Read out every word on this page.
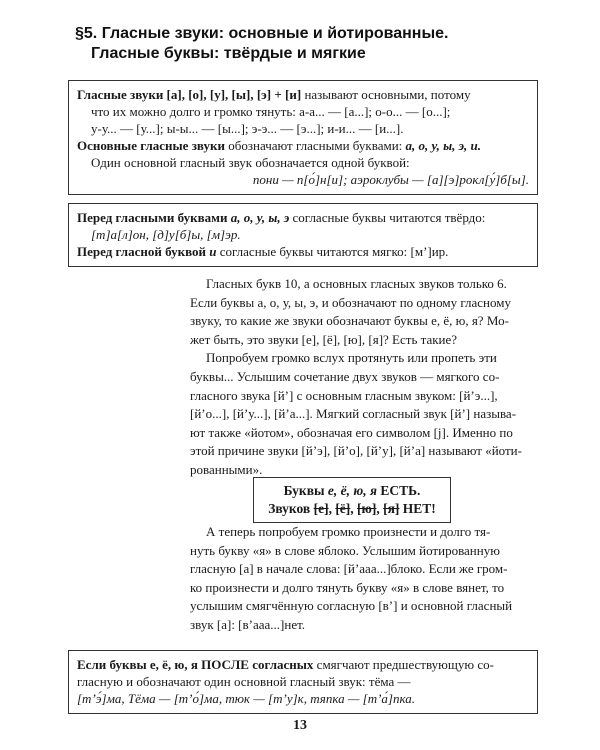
§5. Гласные звуки: основные и йотированные.
Гласные буквы: твёрдые и мягкие

Гласные звуки [а], [о], [у], [ы], [э] + [и] называют основными, потому

что их можно долго и громко тянуть: а-а... — [а...]; о-о... — [о...];

у-у... — [у...]; ы-ы... — [ы...]; э-э... — [э...]; и-и... — [и...].

Основные гласные звуки обозначают гласными буквами: а, о, у, ы, э, и.

Один основной гласный звук обозначается одной буквой:

пони — п[о́]н[и]; аэроклубы — [а][э]рокл[у́]б[ы].

Перед гласными буквами а, о, у, ы, э согласные буквы читаются твёрдо:

[т]а[л]он, [д]у[б]ы, [м]эр.

Перед гласной буквой и согласные буквы читаются мягко: [м’]ир.

Гласных букв 10, а основных гласных звуков только 6.

Если буквы а, о, у, ы, э, и обозначают по одному гласному

звуку, то какие же звуки обозначают буквы е, ё, ю, я? Мо-

жет быть, это звуки [е], [ё], [ю], [я]? Есть такие?

Попробуем громко вслух протянуть или пропеть эти

буквы... Услышим сочетание двух звуков — мягкого со-

гласного звука [й’] с основным гласным звуком: [й’э...],

[й’о...], [й’у...], [й’а...]. Мягкий согласный звук [й’] называ-

ют также «йотом», обозначая его символом [j]. Именно по

этой причине звуки [й’э], [й’о], [й’у], [й’а] называют «йоти-

рованными».

Буквы е, ё, ю, я ЕСТЬ.
Звуков [е], [ё], [ю], [я] НЕТ!

А теперь попробуем громко произнести и долго тя-

нуть букву «я» в слове яблоко. Услышим йотированную

гласную [а] в начале слова: [й’ааа...]блоко. Если же гром-

ко произнести и долго тянуть букву «я» в слове вянет, то

услышим смягчённую согласную [в’] и основной гласный

звук [а]: [в’ааа...]нет.

Если буквы е, ё, ю, я ПОСЛЕ согласных смягчают предшествующую со-

гласную и обозначают один основной гласный звук: тёма —

[т’э́]ма, Тёма — [т’о́]ма, тюк — [т’у]к, тяпка — [т’а́]пка.

13
